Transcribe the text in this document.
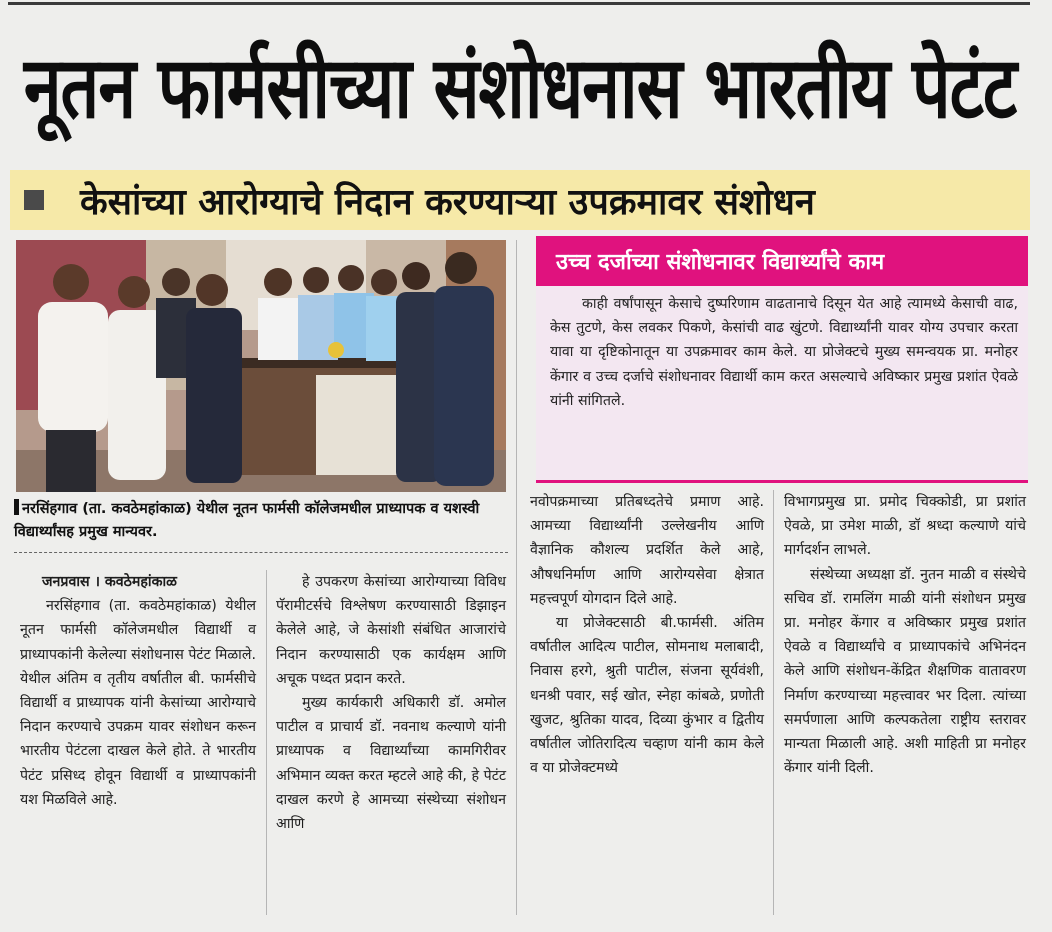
नूतन फार्मसीच्या संशोधनास भारतीय पेटंट
केसांच्या आरोग्याचे निदान करण्याऱ्या उपक्रमावर संशोधन
नरसिंहगाव (ता. कवठेमहांकाळ) येथील नूतन फार्मसी कॉलेजमधील प्राध्यापक व यशस्वी विद्यार्थ्यांसह प्रमुख मान्यवर.
उच्च दर्जाच्या संशोधनावर विद्यार्थ्यांचे काम

काही वर्षांपासून केसाचे दुष्परिणाम वाढतानाचे दिसून येत आहे त्यामध्ये केसाची वाढ, केस तुटणे, केस लवकर पिकणे, केसांची वाढ खुंटणे. विद्यार्थ्यांनी यावर योग्य उपचार करता यावा या दृष्टिकोनातून या उपक्रमावर काम केले. या प्रोजेक्टचे मुख्य समन्वयक प्रा. मनोहर केंगार व उच्च दर्जाचे संशोधनावर विद्यार्थी काम करत असल्याचे अविष्कार प्रमुख प्रशांत ऐवळे यांनी सांगितले.

जनप्रवास । कवठेमहांकाळ

नरसिंहगाव (ता. कवठेमहांकाळ) येथील नूतन फार्मसी कॉलेजमधील विद्यार्थी व प्राध्यापकांनी केलेल्या संशोधनास पेटंट मिळाले. येथील अंतिम व तृतीय वर्षातील बी. फार्मसीचे विद्यार्थी व प्राध्यापक यांनी केसांच्या आरोग्याचे निदान करण्याचे उपक्रम यावर संशोधन करून भारतीय पेटंटला दाखल केले होते. ते भारतीय पेटंट प्रसिध्द होवून विद्यार्थी व प्राध्यापकांनी यश मिळविले आहे.

हे उपकरण केसांच्या आरोग्याच्या विविध पॅरामीटर्सचे विश्लेषण करण्यासाठी डिझाइन केलेले आहे, जे केसांशी संबंधित आजारांचे निदान करण्यासाठी एक कार्यक्षम आणि अचूक पध्दत प्रदान करते.

मुख्य कार्यकारी अधिकारी डॉ. अमोल पाटील व प्राचार्य डॉ. नवनाथ कल्याणे यांनी प्राध्यापक व विद्यार्थ्यांच्या कामगिरीवर अभिमान व्यक्त करत म्हटले आहे की, हे पेटंट दाखल करणे हे आमच्या संस्थेच्या संशोधन आणि

नवोपक्रमाच्या प्रतिबध्दतेचे प्रमाण आहे. आमच्या विद्यार्थ्यांनी उल्लेखनीय आणि वैज्ञानिक कौशल्य प्रदर्शित केले आहे, औषधनिर्माण आणि आरोग्यसेवा क्षेत्रात महत्त्वपूर्ण योगदान दिले आहे.

या प्रोजेक्टसाठी बी.फार्मसी. अंतिम वर्षातील आदित्य पाटील, सोमनाथ मलाबादी, निवास हरगे, श्रुती पाटील, संजना सूर्यवंशी, धनश्री पवार, सई खोत, स्नेहा कांबळे, प्रणोती खुजट, श्रुतिका यादव, दिव्या कुंभार व द्वितीय वर्षातील जोतिरादित्य चव्हाण यांनी काम केले व या प्रोजेक्टमध्ये

विभागप्रमुख प्रा. प्रमोद चिक्कोडी, प्रा प्रशांत ऐवळे, प्रा उमेश माळी, डॉ श्रध्दा कल्याणे यांचे मार्गदर्शन लाभले.

संस्थेच्या अध्यक्षा डॉ. नुतन माळी व संस्थेचे सचिव डॉ. रामलिंग माळी यांनी संशोधन प्रमुख प्रा. मनोहर केंगार व अविष्कार प्रमुख प्रशांत ऐवळे व विद्यार्थ्यांचे व प्राध्यापकांचे अभिनंदन केले आणि संशोधन-केंद्रित शैक्षणिक वातावरण निर्माण करण्याच्या महत्त्वावर भर दिला. त्यांच्या समर्पणाला आणि कल्पकतेला राष्ट्रीय स्तरावर मान्यता मिळाली आहे. अशी माहिती प्रा मनोहर केंगार यांनी दिली.
